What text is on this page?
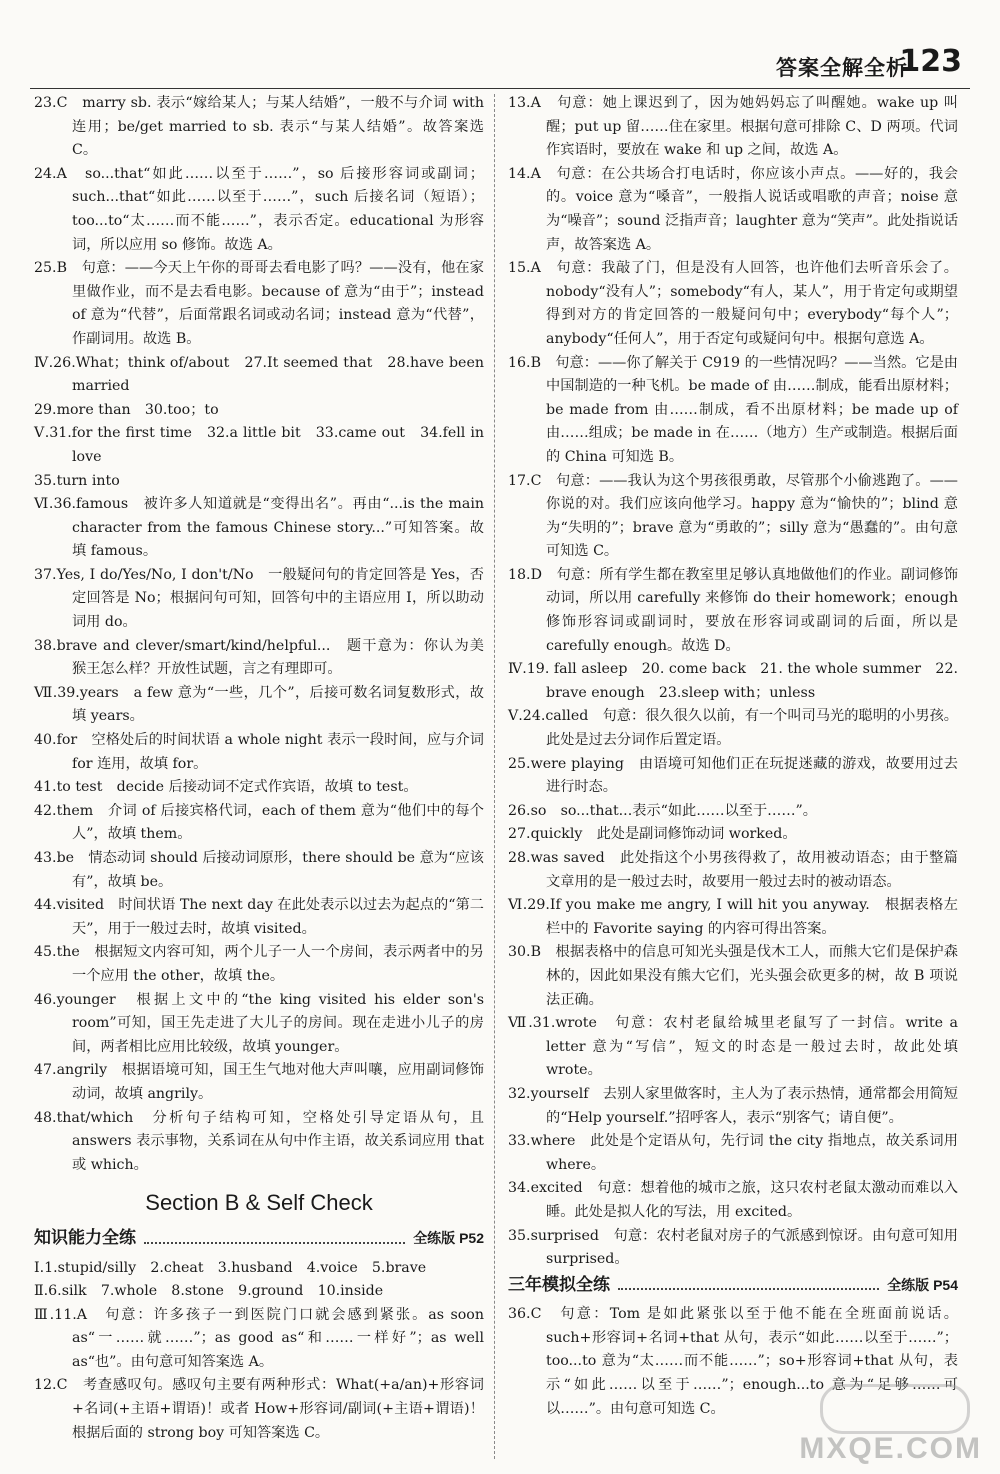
答案全解全析
123
23.C　marry sb. 表示“嫁给某人；与某人结婚”，一般不与介词 with 连用；be/get married to sb. 表示“与某人结婚”。故答案选 C。
24.A　so...that“如此……以至于……”，so 后接形容词或副词；such...that“如此……以至于……”，such 后接名词（短语）；too...to“太……而不能……”，表示否定。educational 为形容词，所以应用 so 修饰。故选 A。
25.B　句意：——今天上午你的哥哥去看电影了吗？——没有，他在家里做作业，而不是去看电影。because of 意为“由于”；instead of 意为“代替”，后面常跟名词或动名词；instead 意为“代替”，作副词用。故选 B。
Ⅳ.26.What；think of/about　27.It seemed that　28.have been married
29.more than　30.too；to
Ⅴ.31.for the first time　32.a little bit　33.came out　34.fell in love
35.turn into
Ⅵ.36.famous　被许多人知道就是“变得出名”。再由“...is the main character from the famous Chinese story...”可知答案。故填 famous。
37.Yes, I do/Yes/No, I don't/No　一般疑问句的肯定回答是 Yes，否定回答是 No；根据问句可知，回答句中的主语应用 I，所以助动词用 do。
38.brave and clever/smart/kind/helpful...　题干意为：你认为美猴王怎么样？开放性试题，言之有理即可。
Ⅶ.39.years　a few 意为“一些，几个”，后接可数名词复数形式，故填 years。
40.for　空格处后的时间状语 a whole night 表示一段时间，应与介词 for 连用，故填 for。
41.to test　decide 后接动词不定式作宾语，故填 to test。
42.them　介词 of 后接宾格代词，each of them 意为“他们中的每个人”，故填 them。
43.be　情态动词 should 后接动词原形，there should be 意为“应该有”，故填 be。
44.visited　时间状语 The next day 在此处表示以过去为起点的“第二天”，用于一般过去时，故填 visited。
45.the　根据短文内容可知，两个儿子一人一个房间，表示两者中的另一个应用 the other，故填 the。
46.younger　根据上文中的“the king visited his elder son's room”可知，国王先走进了大儿子的房间。现在走进小儿子的房间，两者相比应用比较级，故填 younger。
47.angrily　根据语境可知，国王生气地对他大声叫嚷，应用副词修饰动词，故填 angrily。
48.that/which　分析句子结构可知，空格处引导定语从句，且 answers 表示事物，关系词在从句中作主语，故关系词应用 that 或 which。
Section B & Self Check
知识能力全练	全练版 P52
Ⅰ.1.stupid/silly　2.cheat　3.husband　4.voice　5.brave
Ⅱ.6.silk　7.whole　8.stone　9.ground　10.inside
Ⅲ.11.A　句意：许多孩子一到医院门口就会感到紧张。as soon as“一……就……”；as good as“和……一样好”；as well as“也”。由句意可知答案选 A。
12.C　考查感叹句。感叹句主要有两种形式：What(+a/an)+形容词+名词(+主语+谓语)！或者 How+形容词/副词(+主语+谓语)！根据后面的 strong boy 可知答案选 C。
13.A　句意：她上课迟到了，因为她妈妈忘了叫醒她。wake up 叫醒；put up 留……住在家里。根据句意可排除 C、D 两项。代词作宾语时，要放在 wake 和 up 之间，故选 A。
14.A　句意：在公共场合打电话时，你应该小声点。——好的，我会的。voice 意为“嗓音”，一般指人说话或唱歌的声音；noise 意为“噪音”；sound 泛指声音；laughter 意为“笑声”。此处指说话声，故答案选 A。
15.A　句意：我敲了门，但是没有人回答，也许他们去听音乐会了。nobody“没有人”；somebody“有人，某人”，用于肯定句或期望得到对方的肯定回答的一般疑问句中；everybody“每个人”；anybody“任何人”，用于否定句或疑问句中。根据句意选 A。
16.B　句意：——你了解关于 C919 的一些情况吗？——当然。它是由中国制造的一种飞机。be made of 由……制成，能看出原材料；be made from 由……制成，看不出原材料；be made up of 由……组成；be made in 在……（地方）生产或制造。根据后面的 China 可知选 B。
17.C　句意：——我认为这个男孩很勇敢，尽管那个小偷逃跑了。——你说的对。我们应该向他学习。happy 意为“愉快的”；blind 意为“失明的”；brave 意为“勇敢的”；silly 意为“愚蠢的”。由句意可知选 C。
18.D　句意：所有学生都在教室里足够认真地做他们的作业。副词修饰动词，所以用 carefully 来修饰 do their homework；enough 修饰形容词或副词时，要放在形容词或副词的后面，所以是 carefully enough。故选 D。
Ⅳ.19. fall asleep　20. come back　21. the whole summer　22. brave enough　23.sleep with；unless
Ⅴ.24.called　句意：很久很久以前，有一个叫司马光的聪明的小男孩。此处是过去分词作后置定语。
25.were playing　由语境可知他们正在玩捉迷藏的游戏，故要用过去进行时态。
26.so　so...that...表示“如此……以至于……”。
27.quickly　此处是副词修饰动词 worked。
28.was saved　此处指这个小男孩得救了，故用被动语态；由于整篇文章用的是一般过去时，故要用一般过去时的被动语态。
Ⅵ.29.If you make me angry, I will hit you anyway.　根据表格左栏中的 Favorite saying 的内容可得出答案。
30.B　根据表格中的信息可知光头强是伐木工人，而熊大它们是保护森林的，因此如果没有熊大它们，光头强会砍更多的树，故 B 项说法正确。
Ⅶ.31.wrote　句意：农村老鼠给城里老鼠写了一封信。write a letter 意为“写信”，短文的时态是一般过去时，故此处填 wrote。
32.yourself　去别人家里做客时，主人为了表示热情，通常都会用简短的“Help yourself.”招呼客人，表示“别客气；请自便”。
33.where　此处是个定语从句，先行词 the city 指地点，故关系词用 where。
34.excited　句意：想着他的城市之旅，这只农村老鼠太激动而难以入睡。此处是拟人化的写法，用 excited。
35.surprised　句意：农村老鼠对房子的气派感到惊讶。由句意可知用 surprised。
三年模拟全练	全练版 P54
36.C　句意：Tom 是如此紧张以至于他不能在全班面前说话。such+形容词+名词+that 从句，表示“如此……以至于……”；too...to 意为“太……而不能……”；so+形容词+that 从句，表示“如此……以至于……”；enough...to 意为“足够……可以……”。由句意可知选 C。
MXQE.COM
